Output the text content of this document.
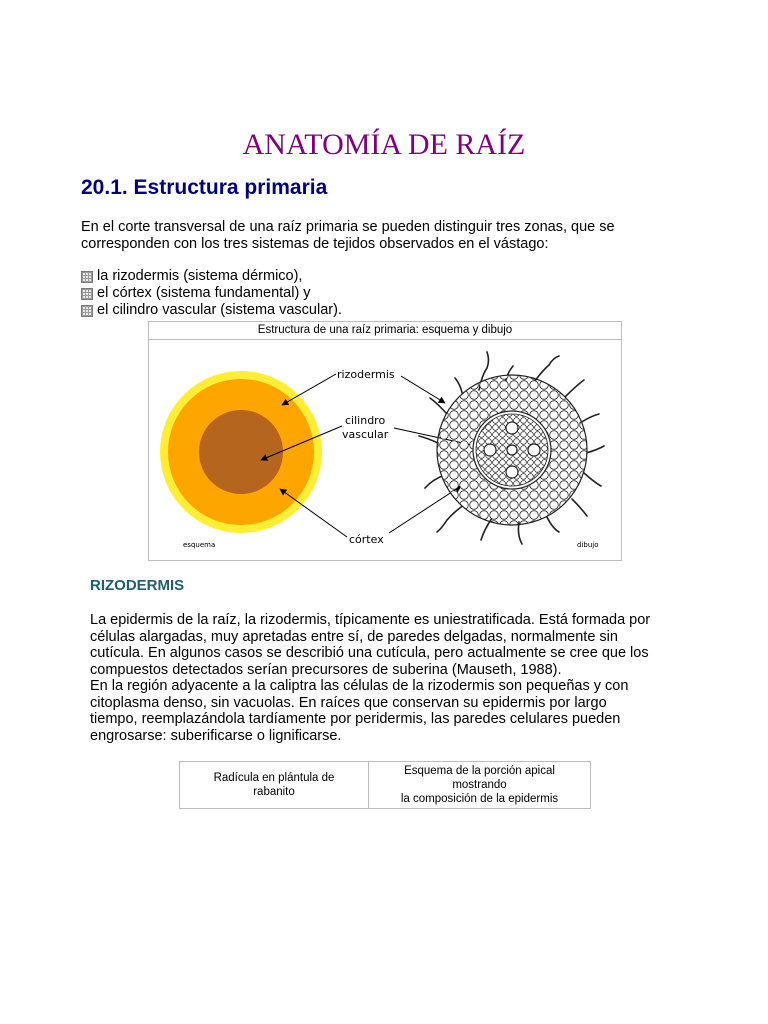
ANATOMÍA DE RAÍZ
20.1. Estructura primaria

En el corte transversal de una raíz primaria se pueden distinguir tres zonas, que se
corresponden con los tres sistemas de tejidos observados en el vástago:

la rizodermis (sistema dérmico),
el córtex (sistema fundamental) y
el cilindro vascular (sistema vascular).
Estructura de una raíz primaria: esquema y dibujo
rizodermis
cilindro
vascular
córtex
esquema	dibujo
RIZODERMIS

La epidermis de la raíz, la rizodermis, típicamente es uniestratificada. Está formada por
células alargadas, muy apretadas entre sí, de paredes delgadas, normalmente sin
cutícula. En algunos casos se describió una cutícula, pero actualmente se cree que los
compuestos detectados serían precursores de suberina (Mauseth, 1988).
En la región adyacente a la caliptra las células de la rizodermis son pequeñas y con
citoplasma denso, sin vacuolas. En raíces que conservan su epidermis por largo
tiempo, reemplazándola tardíamente por peridermis, las paredes celulares pueden
engrosarse: suberificarse o lignificarse.

Radícula en plántula de
rabanito

Esquema de la porción apical
mostrando
la composición de la epidermis
